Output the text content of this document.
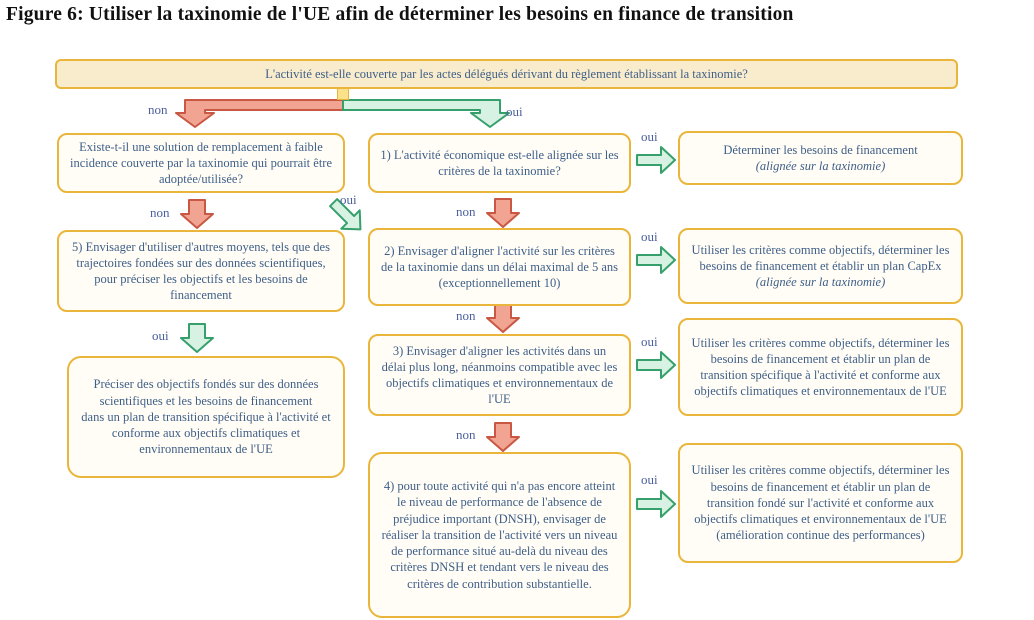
Figure 6: Utiliser la taxinomie de l'UE afin de déterminer les besoins en finance de transition
non	oui
non
oui
oui
oui
non
oui
non
oui
non
oui
L'activité est-elle couverte par les actes délégués dérivant du règlement établissant la taxinomie?
Existe-t-il une solution de remplacement à faible incidence couverte par la taxinomie qui pourrait être adoptée/utilisée?
5) Envisager d'utiliser d'autres moyens, tels que des trajectoires fondées sur des données scientifiques, pour préciser les objectifs et les besoins de financement
Préciser des objectifs fondés sur des données scientifiques et les besoins de financement
dans un plan de transition spécifique à l'activité et conforme aux objectifs climatiques et environnementaux de l'UE
1) L'activité économique est-elle alignée sur les critères de la taxinomie?
2) Envisager d'aligner l'activité sur les critères de la taxinomie dans un délai maximal de 5 ans (exceptionnellement 10)
3) Envisager d'aligner les activités dans un délai plus long, néanmoins compatible avec les objectifs climatiques et environnementaux de l'UE
4) pour toute activité qui n'a pas encore atteint le niveau de performance de l'absence de préjudice important (DNSH), envisager de réaliser la transition de l'activité vers un niveau de performance situé au-delà du niveau des critères DNSH et tendant vers le niveau des critères de contribution substantielle.
Déterminer les besoins de financement
(alignée sur la taxinomie)
Utiliser les critères comme objectifs, déterminer les besoins de financement et établir un plan CapEx
(alignée sur la taxinomie)
Utiliser les critères comme objectifs, déterminer les besoins de financement et établir un plan de transition spécifique à l'activité et conforme aux objectifs climatiques et environnementaux de l'UE
Utiliser les critères comme objectifs, déterminer les besoins de financement et établir un plan de transition fondé sur l'activité et conforme aux objectifs climatiques et environnementaux de l'UE (amélioration continue des performances)
